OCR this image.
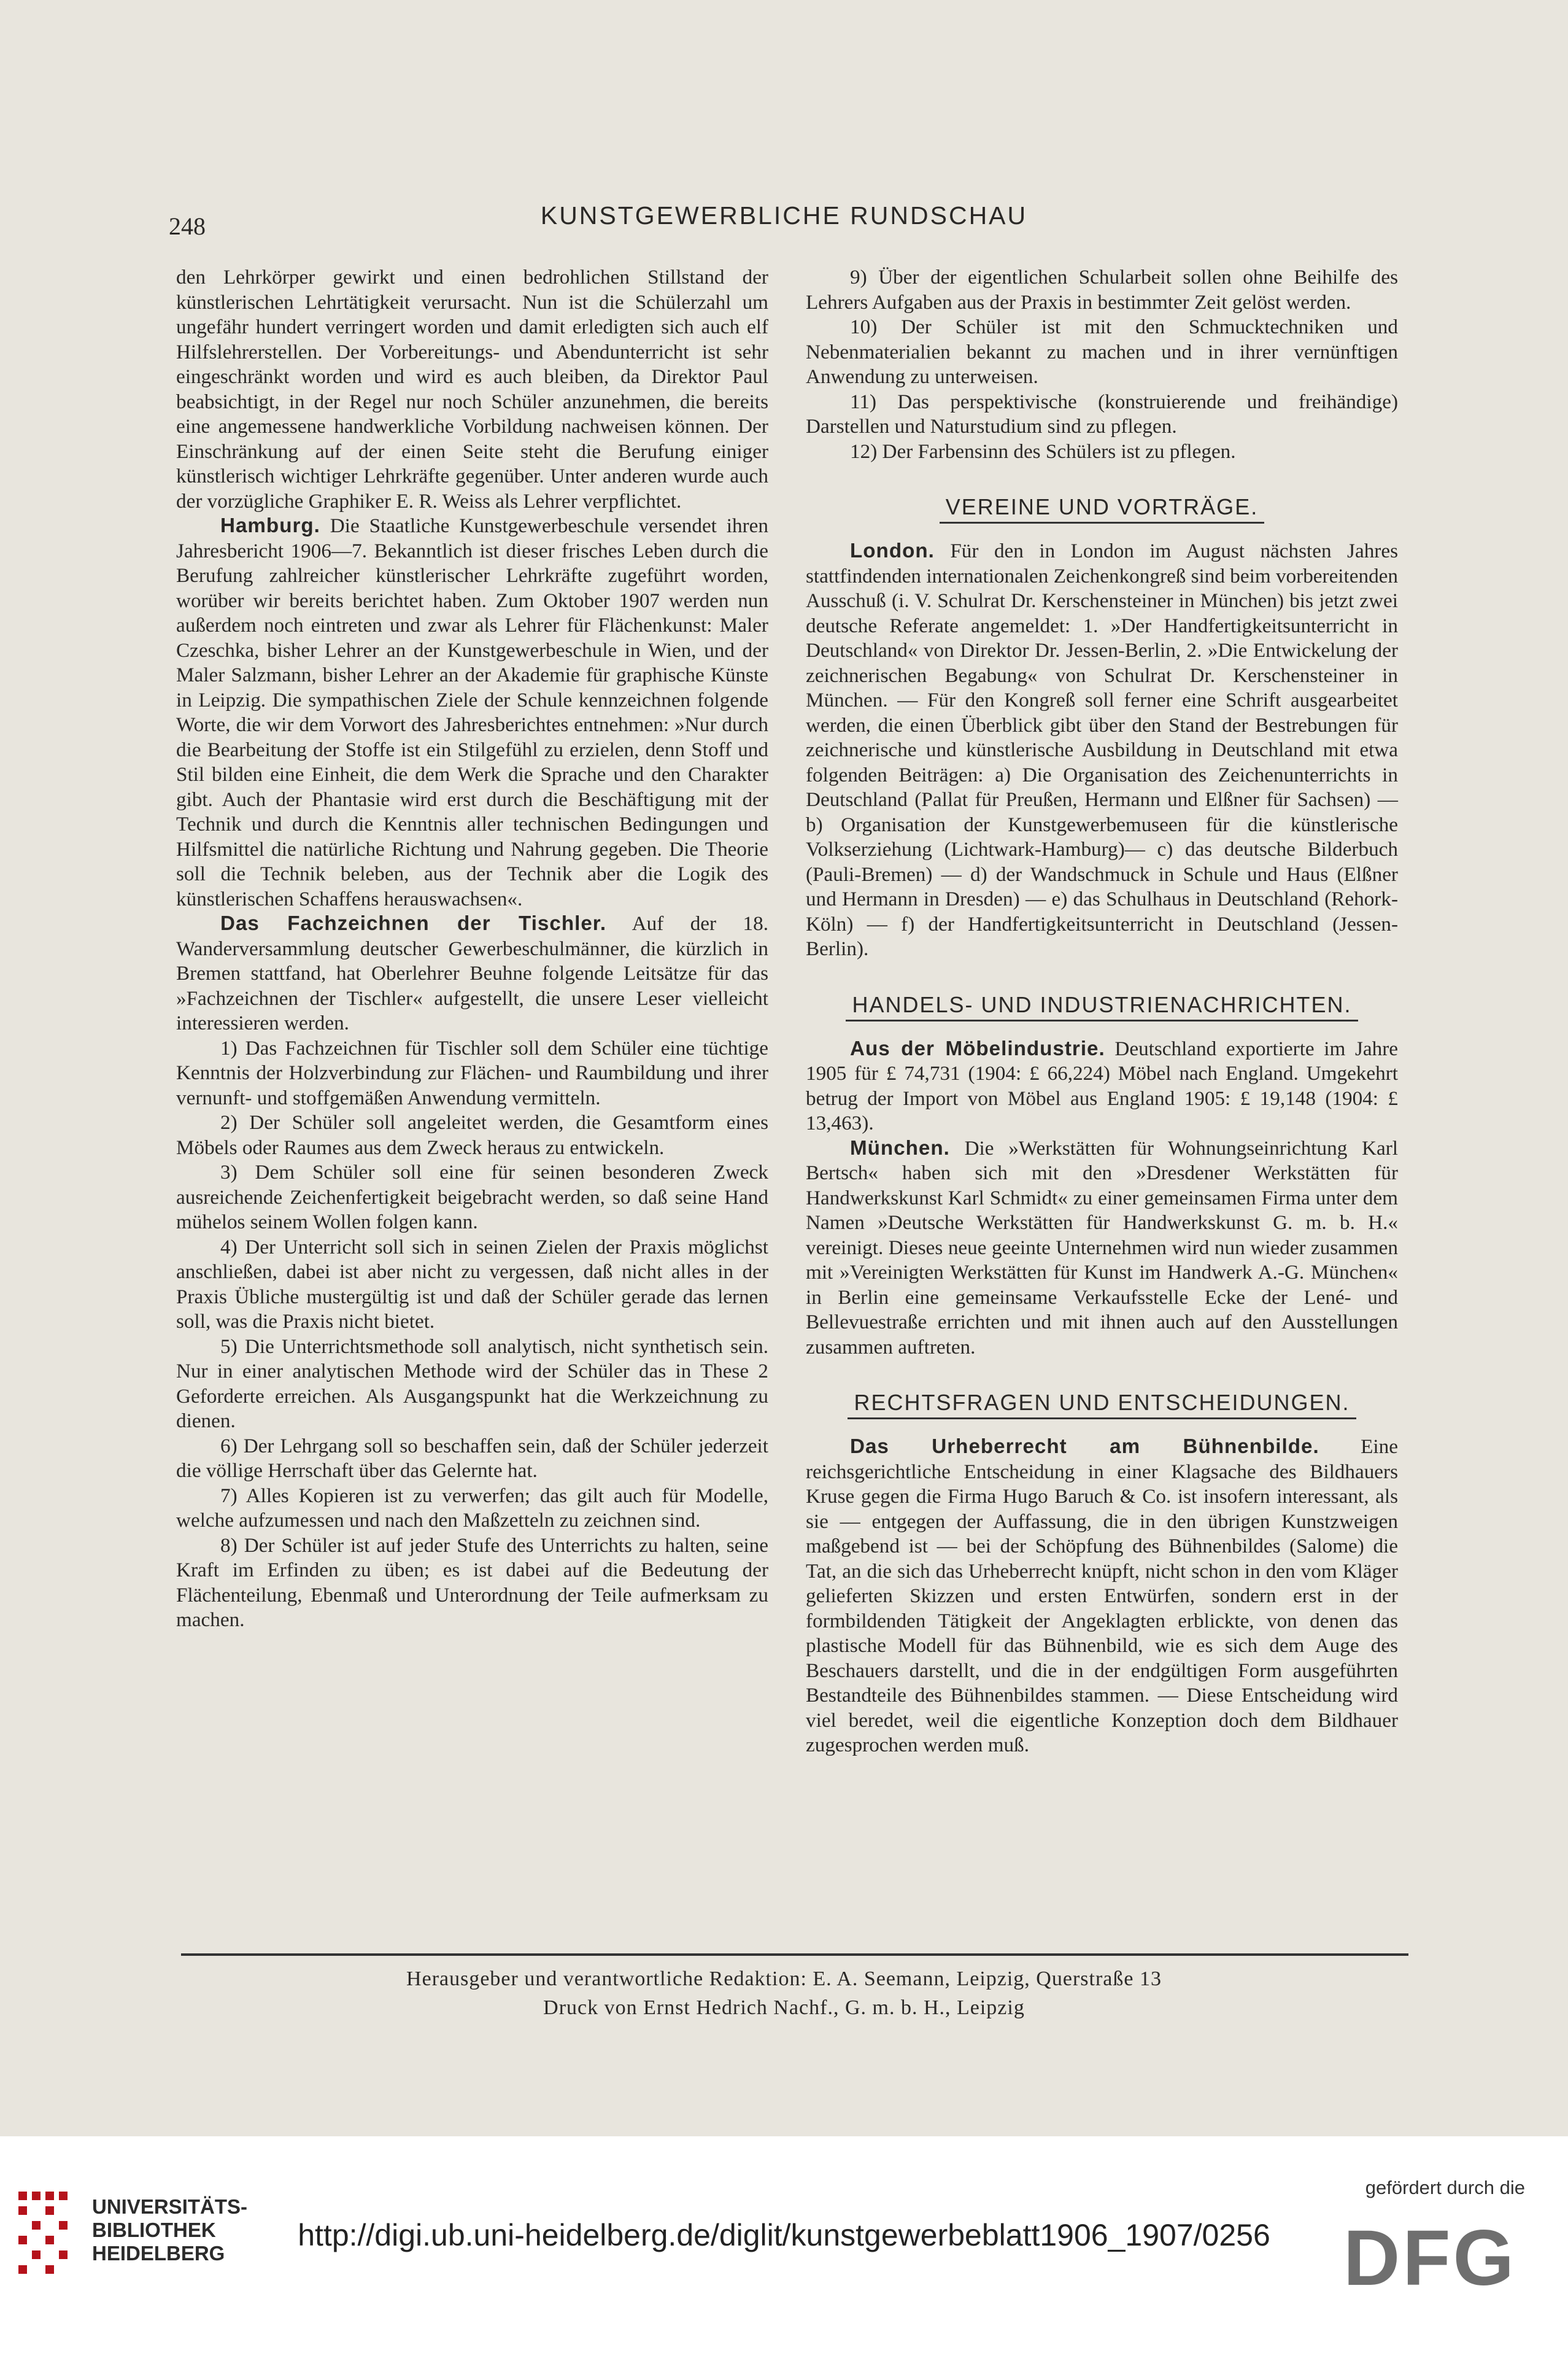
248	KUNSTGEWERBLICHE RUNDSCHAU

den Lehrkörper gewirkt und einen bedrohlichen Stillstand der künstlerischen Lehrtätigkeit verursacht. Nun ist die Schülerzahl um ungefähr hundert verringert worden und damit erledigten sich auch elf Hilfslehrerstellen. Der Vorbereitungs- und Abendunterricht ist sehr eingeschränkt worden und wird es auch bleiben, da Direktor Paul beabsichtigt, in der Regel nur noch Schüler anzunehmen, die bereits eine angemessene handwerkliche Vorbildung nachweisen können. Der Einschränkung auf der einen Seite steht die Berufung einiger künstlerisch wichtiger Lehrkräfte gegenüber. Unter anderen wurde auch der vorzügliche Graphiker E. R. Weiss als Lehrer verpflichtet.

Hamburg. Die Staatliche Kunstgewerbeschule versendet ihren Jahresbericht 1906—7. Bekanntlich ist dieser frisches Leben durch die Berufung zahlreicher künstlerischer Lehrkräfte zugeführt worden, worüber wir bereits berichtet haben. Zum Oktober 1907 werden nun außerdem noch eintreten und zwar als Lehrer für Flächenkunst: Maler Czeschka, bisher Lehrer an der Kunstgewerbeschule in Wien, und der Maler Salzmann, bisher Lehrer an der Akademie für graphische Künste in Leipzig. Die sympathischen Ziele der Schule kennzeichnen folgende Worte, die wir dem Vorwort des Jahresberichtes entnehmen: »Nur durch die Bearbeitung der Stoffe ist ein Stilgefühl zu erzielen, denn Stoff und Stil bilden eine Einheit, die dem Werk die Sprache und den Charakter gibt. Auch der Phantasie wird erst durch die Beschäftigung mit der Technik und durch die Kenntnis aller technischen Bedingungen und Hilfsmittel die natürliche Richtung und Nahrung gegeben. Die Theorie soll die Technik beleben, aus der Technik aber die Logik des künstlerischen Schaffens herauswachsen«.

Das Fachzeichnen der Tischler. Auf der 18. Wanderversammlung deutscher Gewerbeschulmänner, die kürzlich in Bremen stattfand, hat Oberlehrer Beuhne folgende Leitsätze für das »Fachzeichnen der Tischler« aufgestellt, die unsere Leser vielleicht interessieren werden.

1) Das Fachzeichnen für Tischler soll dem Schüler eine tüchtige Kenntnis der Holzverbindung zur Flächen- und Raumbildung und ihrer vernunft- und stoffgemäßen Anwendung vermitteln.

2) Der Schüler soll angeleitet werden, die Gesamtform eines Möbels oder Raumes aus dem Zweck heraus zu entwickeln.

3) Dem Schüler soll eine für seinen besonderen Zweck ausreichende Zeichenfertigkeit beigebracht werden, so daß seine Hand mühelos seinem Wollen folgen kann.

4) Der Unterricht soll sich in seinen Zielen der Praxis möglichst anschließen, dabei ist aber nicht zu vergessen, daß nicht alles in der Praxis Übliche mustergültig ist und daß der Schüler gerade das lernen soll, was die Praxis nicht bietet.

5) Die Unterrichtsmethode soll analytisch, nicht synthetisch sein. Nur in einer analytischen Methode wird der Schüler das in These 2 Geforderte erreichen. Als Ausgangspunkt hat die Werkzeichnung zu dienen.

6) Der Lehrgang soll so beschaffen sein, daß der Schüler jederzeit die völlige Herrschaft über das Gelernte hat.

7) Alles Kopieren ist zu verwerfen; das gilt auch für Modelle, welche aufzumessen und nach den Maßzetteln zu zeichnen sind.

8) Der Schüler ist auf jeder Stufe des Unterrichts zu halten, seine Kraft im Erfinden zu üben; es ist dabei auf die Bedeutung der Flächenteilung, Ebenmaß und Unterordnung der Teile aufmerksam zu machen.

9) Über der eigentlichen Schularbeit sollen ohne Beihilfe des Lehrers Aufgaben aus der Praxis in bestimmter Zeit gelöst werden.

10) Der Schüler ist mit den Schmucktechniken und Nebenmaterialien bekannt zu machen und in ihrer vernünftigen Anwendung zu unterweisen.

11) Das perspektivische (konstruierende und freihändige) Darstellen und Naturstudium sind zu pflegen.

12) Der Farbensinn des Schülers ist zu pflegen.

VEREINE UND VORTRÄGE.

London. Für den in London im August nächsten Jahres stattfindenden internationalen Zeichenkongreß sind beim vorbereitenden Ausschuß (i. V. Schulrat Dr. Kerschensteiner in München) bis jetzt zwei deutsche Referate angemeldet: 1. »Der Handfertigkeitsunterricht in Deutschland« von Direktor Dr. Jessen-Berlin, 2. »Die Entwickelung der zeichnerischen Begabung« von Schulrat Dr. Kerschensteiner in München. — Für den Kongreß soll ferner eine Schrift ausgearbeitet werden, die einen Überblick gibt über den Stand der Bestrebungen für zeichnerische und künstlerische Ausbildung in Deutschland mit etwa folgenden Beiträgen: a) Die Organisation des Zeichenunterrichts in Deutschland (Pallat für Preußen, Hermann und Elßner für Sachsen) — b) Organisation der Kunstgewerbemuseen für die künstlerische Volkserziehung (Lichtwark-Hamburg)— c) das deutsche Bilderbuch (Pauli-Bremen) — d) der Wandschmuck in Schule und Haus (Elßner und Hermann in Dresden) — e) das Schulhaus in Deutschland (Rehork-Köln) — f) der Handfertigkeitsunterricht in Deutschland (Jessen-Berlin).

HANDELS- UND INDUSTRIENACHRICHTEN.

Aus der Möbelindustrie. Deutschland exportierte im Jahre 1905 für £ 74,731 (1904: £ 66,224) Möbel nach England. Umgekehrt betrug der Import von Möbel aus England 1905: £ 19,148 (1904: £ 13,463).

München. Die »Werkstätten für Wohnungseinrichtung Karl Bertsch« haben sich mit den »Dresdener Werkstätten für Handwerkskunst Karl Schmidt« zu einer gemeinsamen Firma unter dem Namen »Deutsche Werkstätten für Handwerkskunst G. m. b. H.« vereinigt. Dieses neue geeinte Unternehmen wird nun wieder zusammen mit »Vereinigten Werkstätten für Kunst im Handwerk A.-G. München« in Berlin eine gemeinsame Verkaufsstelle Ecke der Lené- und Bellevuestraße errichten und mit ihnen auch auf den Ausstellungen zusammen auftreten.

RECHTSFRAGEN UND ENTSCHEIDUNGEN.

Das Urheberrecht am Bühnenbilde. Eine reichsgerichtliche Entscheidung in einer Klagsache des Bildhauers Kruse gegen die Firma Hugo Baruch & Co. ist insofern interessant, als sie — entgegen der Auffassung, die in den übrigen Kunstzweigen maßgebend ist — bei der Schöpfung des Bühnenbildes (Salome) die Tat, an die sich das Urheberrecht knüpft, nicht schon in den vom Kläger gelieferten Skizzen und ersten Entwürfen, sondern erst in der formbildenden Tätigkeit der Angeklagten erblickte, von denen das plastische Modell für das Bühnenbild, wie es sich dem Auge des Beschauers darstellt, und die in der endgültigen Form ausgeführten Bestandteile des Bühnenbildes stammen. — Diese Entscheidung wird viel beredet, weil die eigentliche Konzeption doch dem Bildhauer zugesprochen werden muß.

Herausgeber und verantwortliche Redaktion: E. A. Seemann, Leipzig, Querstraße 13
Druck von Ernst Hedrich Nachf., G. m. b. H., Leipzig
UNIVERSITÄTS-
BIBLIOTHEK
HEIDELBERG
http://digi.ub.uni-heidelberg.de/diglit/kunstgewerbeblatt1906_1907/0256
gefördert durch die
DFG
